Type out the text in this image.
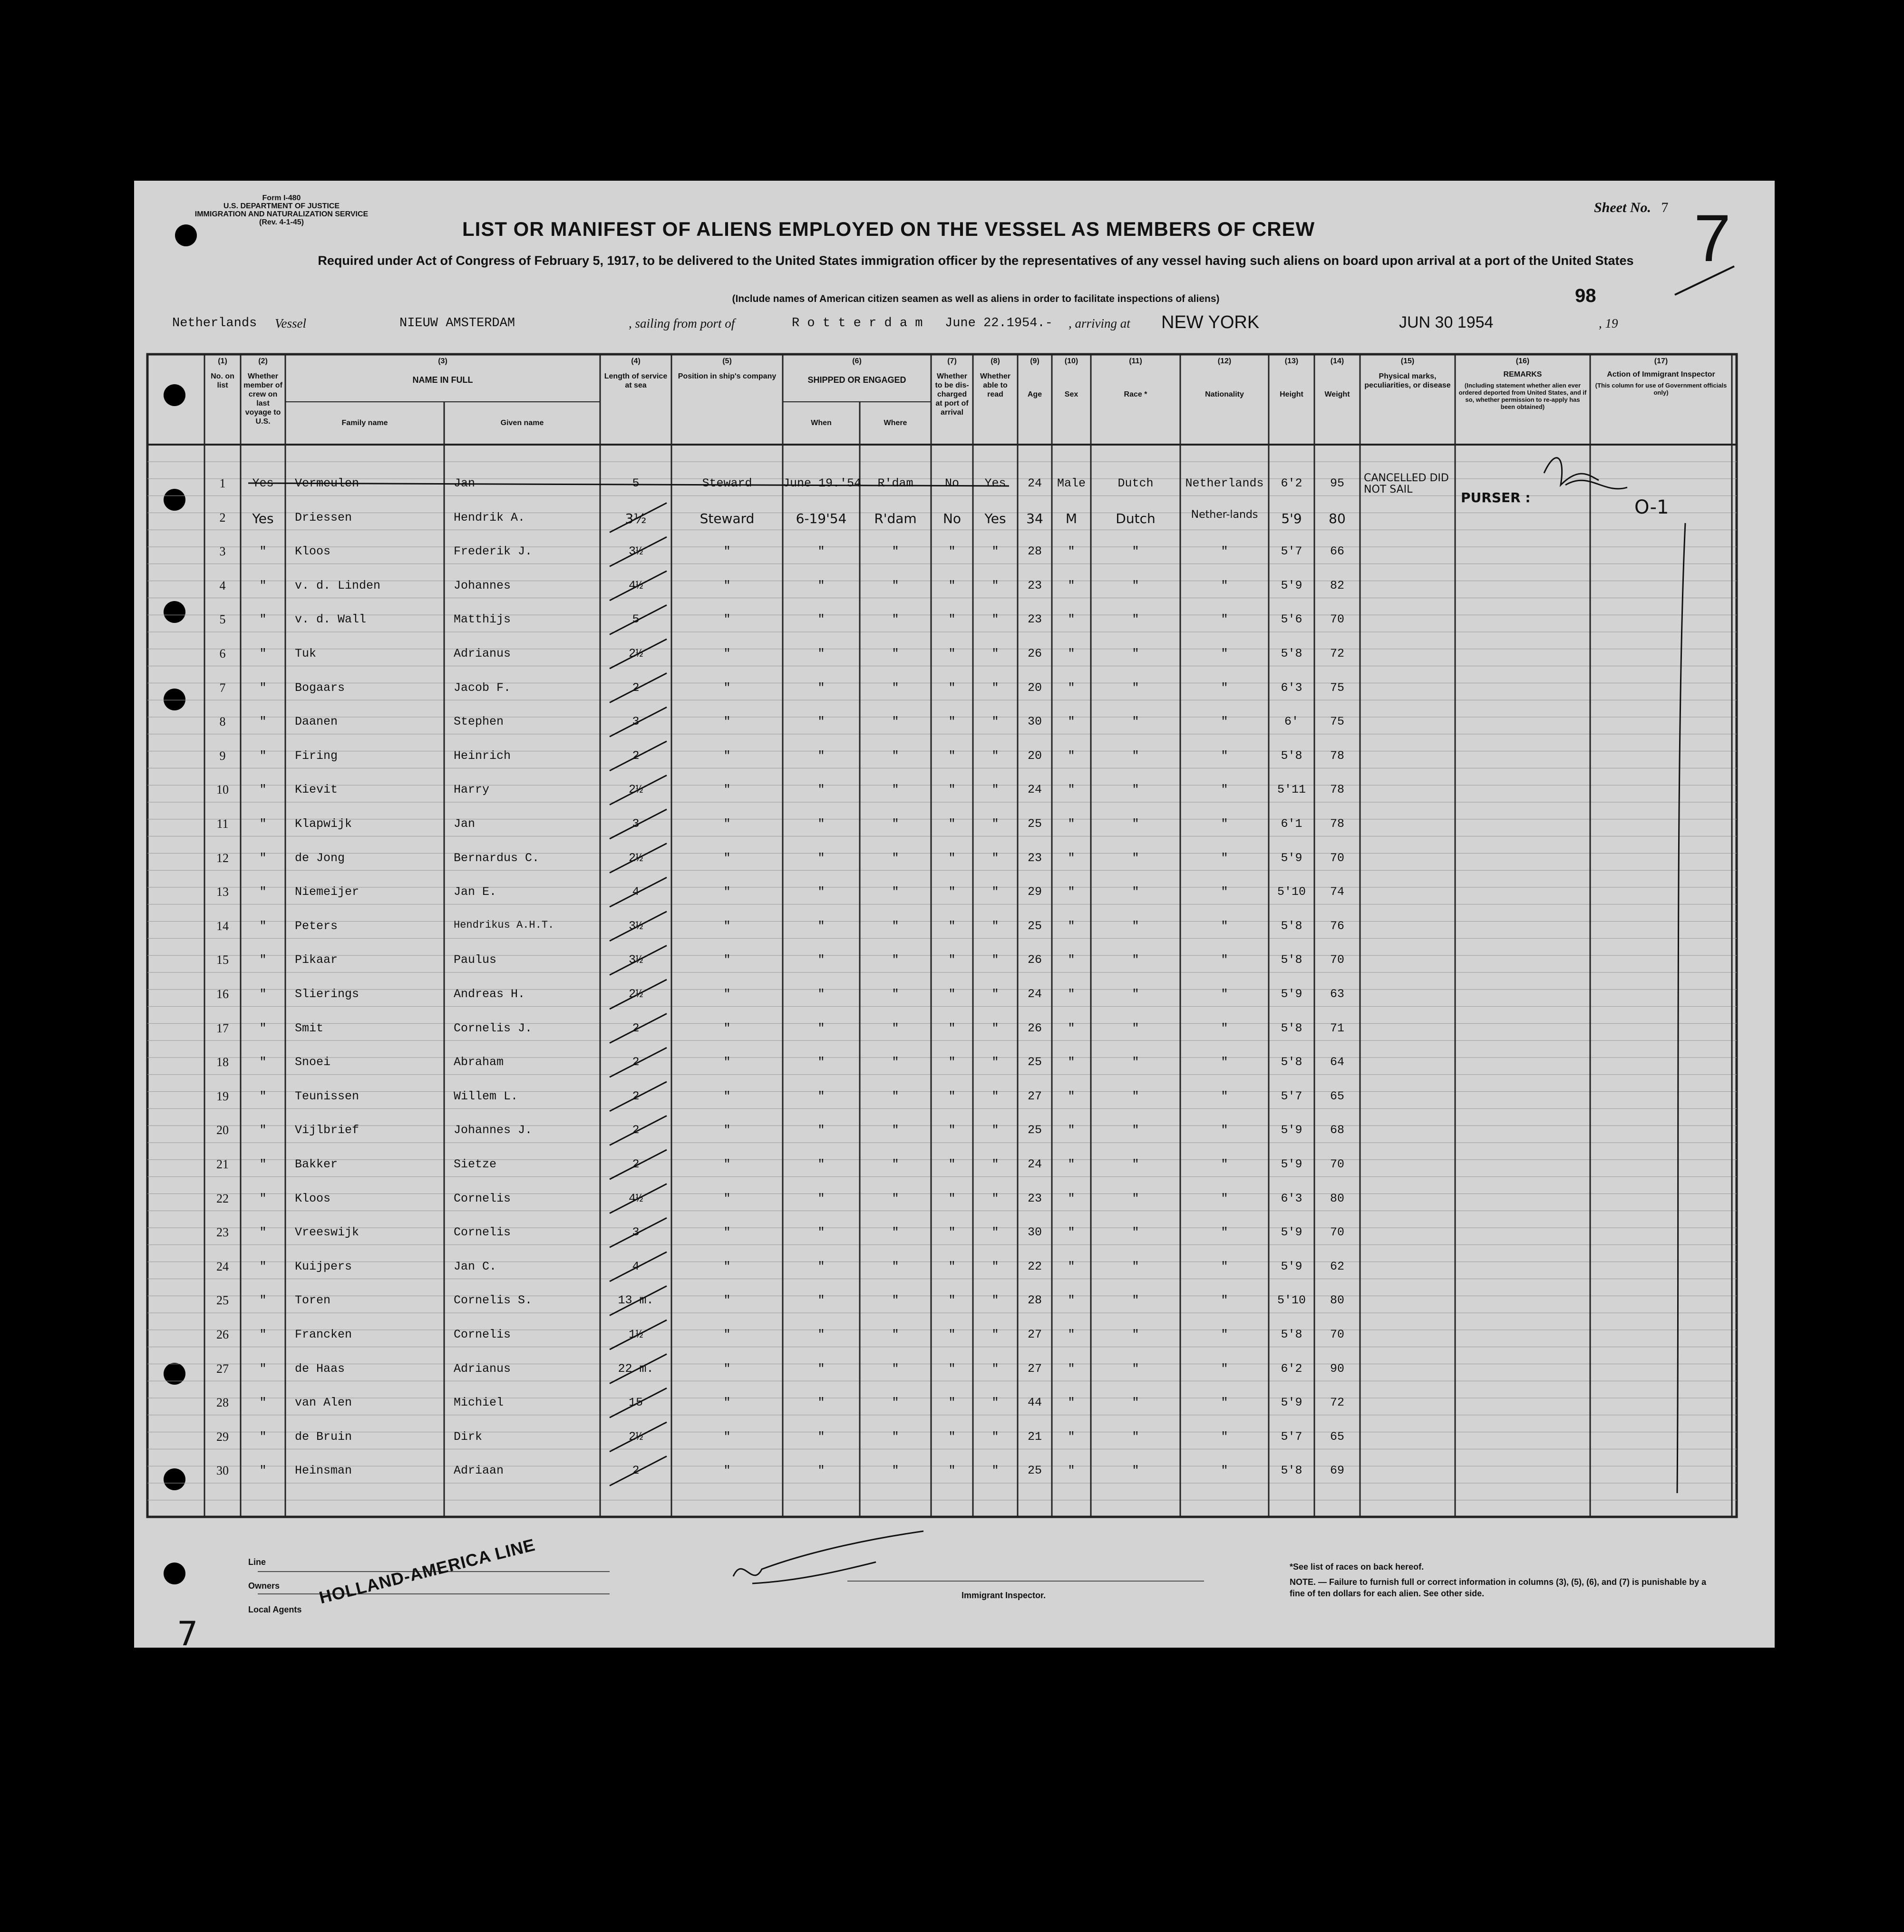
Form I-480
U.S. DEPARTMENT OF JUSTICE
IMMIGRATION AND NATURALIZATION SERVICE
(Rev. 4-1-45)
Sheet No. 7 7
LIST OR MANIFEST OF ALIENS EMPLOYED ON THE VESSEL AS MEMBERS OF CREW
Required under Act of Congress of February 5, 1917, to be delivered to the United States immigration officer by the representatives of any vessel having such aliens on board upon arrival at a port of the United States
(Include names of American citizen seamen as well as aliens in order to facilitate inspections of aliens)	98
Netherlands Vessel	NIEUW AMSTERDAM	, sailing from port of	R o t t e r d a m June 22.1954.- , arriving at NEW YORK	JUN 30 1954	, 19
O-1
(1)
No. on list
(2)
Whether member of crew on last voyage to U.S.
(3)
NAME IN FULL
Family name	Given name
(4)
Length of service at sea
(5)
Position in ship's company
(6)
SHIPPED OR ENGAGED
When	Where
(7)
Whether to be dis-charged at port of arrival
(8)
Whether able to read
(9)
Age
(10)
Sex
(11)
Race *
(12)
Nationality
(13)
Height
(14)
Weight
(15)
Physical marks, peculiarities, or disease
(16)
REMARKS
(Including statement whether alien ever ordered deported from United States, and if so, whether permission to re-apply has been obtained)
(17)
Action of Immigrant Inspector
(This column for use of Government officials only)
1	Yes	Vermeulen	Jan	5	Steward	June 19.'54	R'dam	No	Yes	24	Male	Dutch	Netherlands	6'2	95	CANCELLED DID NOT SAIL
PURSER :
2	Yes	Driessen	Hendrik A.	3½	Steward	6-19'54	R'dam	No	Yes	34	M	Dutch	Nether-lands	5'9	80
3	"	Kloos	Frederik J.	3½	"	"	"	"	"	28	"	"	"	5'7	66
4	"	v. d. Linden	Johannes	4½	"	"	"	"	"	23	"	"	"	5'9	82
5	"	v. d. Wall	Matthijs	5	"	"	"	"	"	23	"	"	"	5'6	70
6	"	Tuk	Adrianus	2½	"	"	"	"	"	26	"	"	"	5'8	72
7	"	Bogaars	Jacob F.	2	"	"	"	"	"	20	"	"	"	6'3	75
8	"	Daanen	Stephen	3	"	"	"	"	"	30	"	"	"	6'	75
9	"	Firing	Heinrich	2	"	"	"	"	"	20	"	"	"	5'8	78
10	"	Kievit	Harry	2½	"	"	"	"	"	24	"	"	"	5'11	78
11	"	Klapwijk	Jan	3	"	"	"	"	"	25	"	"	"	6'1	78
12	"	de Jong	Bernardus C.	2½	"	"	"	"	"	23	"	"	"	5'9	70
13	"	Niemeijer	Jan E.	4	"	"	"	"	"	29	"	"	"	5'10	74
14	"	Peters	Hendrikus A.H.T.	3½	"	"	"	"	"	25	"	"	"	5'8	76
15	"	Pikaar	Paulus	3½	"	"	"	"	"	26	"	"	"	5'8	70
16	"	Slierings	Andreas H.	2½	"	"	"	"	"	24	"	"	"	5'9	63
17	"	Smit	Cornelis J.	2	"	"	"	"	"	26	"	"	"	5'8	71
18	"	Snoei	Abraham	2	"	"	"	"	"	25	"	"	"	5'8	64
19	"	Teunissen	Willem L.	2	"	"	"	"	"	27	"	"	"	5'7	65
20	"	Vijlbrief	Johannes J.	2	"	"	"	"	"	25	"	"	"	5'9	68
21	"	Bakker	Sietze	2	"	"	"	"	"	24	"	"	"	5'9	70
22	"	Kloos	Cornelis	4½	"	"	"	"	"	23	"	"	"	6'3	80
23	"	Vreeswijk	Cornelis	3	"	"	"	"	"	30	"	"	"	5'9	70
24	"	Kuijpers	Jan C.	4	"	"	"	"	"	22	"	"	"	5'9	62
25	"	Toren	Cornelis S.	13 m.	"	"	"	"	"	28	"	"	"	5'10	80
26	"	Francken	Cornelis	1½	"	"	"	"	"	27	"	"	"	5'8	70
27	"	de Haas	Adrianus	22 m.	"	"	"	"	"	27	"	"	"	6'2	90
28	"	van Alen	Michiel	15	"	"	"	"	"	44	"	"	"	5'9	72
29	"	de Bruin	Dirk	2½	"	"	"	"	"	21	"	"	"	5'7	65
30	"	Heinsman	Adriaan	2	"	"	"	"	"	25	"	"	"	5'8	69
Line
Owners
Local Agents
HOLLAND-AMERICA LINE	Immigrant Inspector.
*See list of races on back hereof.
NOTE. — Failure to furnish full or correct information in columns (3), (5), (6), and (7) is punishable by a fine of ten dollars for each alien. See other side.
7
